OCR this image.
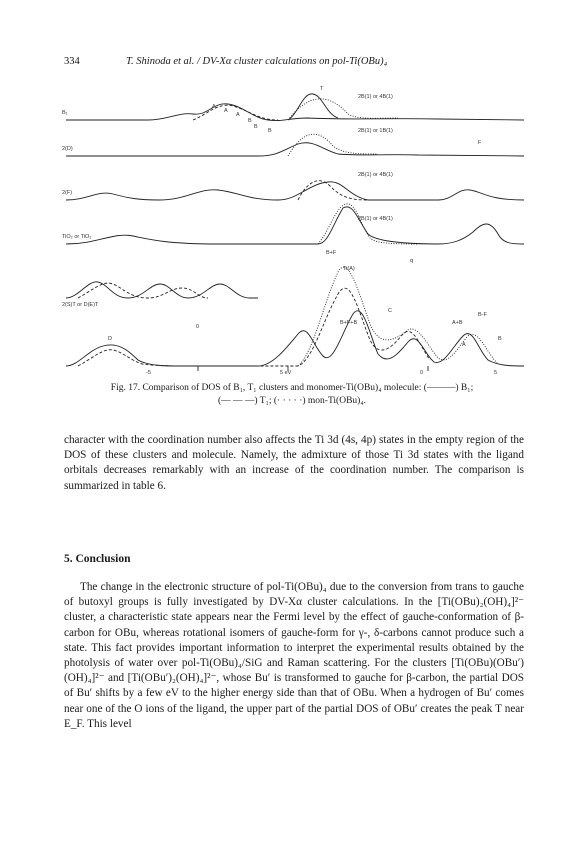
334	T. Shinoda et al. / DV-Xα cluster calculations on pol-Ti(OBu)₄
B₁
2(D)
2(F)
TiO₂ or TiO₂
2(S)T or D(E)T
2B(1) or 4B(1)
2B(1) or 1B(1)
2B(1) or 4B(1)
2B(1) or 4B(1)
Ti(A)
A
A
A
B
B
B
T
F
B+F
B+F+B
D
C
A
B
A+B
B-F
0
-5	5 eV
q
5
0
Fig. 17. Comparison of DOS of B₁, T₁ clusters and monomer-Ti(OBu)₄ molecule: (———) B₁;
(— — —) T₁; (· · · · ·) mon-Ti(OBu)₄.

character with the coordination number also affects the Ti 3d (4s, 4p) states in the empty region of the DOS of these clusters and molecule. Namely, the admixture of those Ti 3d states with the ligand orbitals decreases remarkably with an increase of the coordination number. The comparison is summarized in table 6.

5. Conclusion

The change in the electronic structure of pol-Ti(OBu)₄ due to the conversion from trans to gauche of butoxyl groups is fully investigated by DV-Xα cluster calculations. In the [Ti(OBu)₂(OH)₄]²⁻ cluster, a characteristic state appears near the Fermi level by the effect of gauche-conformation of β-carbon for OBu, whereas rotational isomers of gauche-form for γ-, δ-carbons cannot produce such a state. This fact provides important information to interpret the experimental results obtained by the photolysis of water over pol-Ti(OBu)₄/SiG and Raman scattering. For the clusters [Ti(OBu)(OBu′)(OH)₄]²⁻ and [Ti(OBu′)₂(OH)₄]²⁻, whose Bu′ is transformed to gauche for β-carbon, the partial DOS of Bu′ shifts by a few eV to the higher energy side than that of OBu. When a hydrogen of Bu′ comes near one of the O ions of the ligand, the upper part of the partial DOS of OBu′ creates the peak T near E_F. This level
